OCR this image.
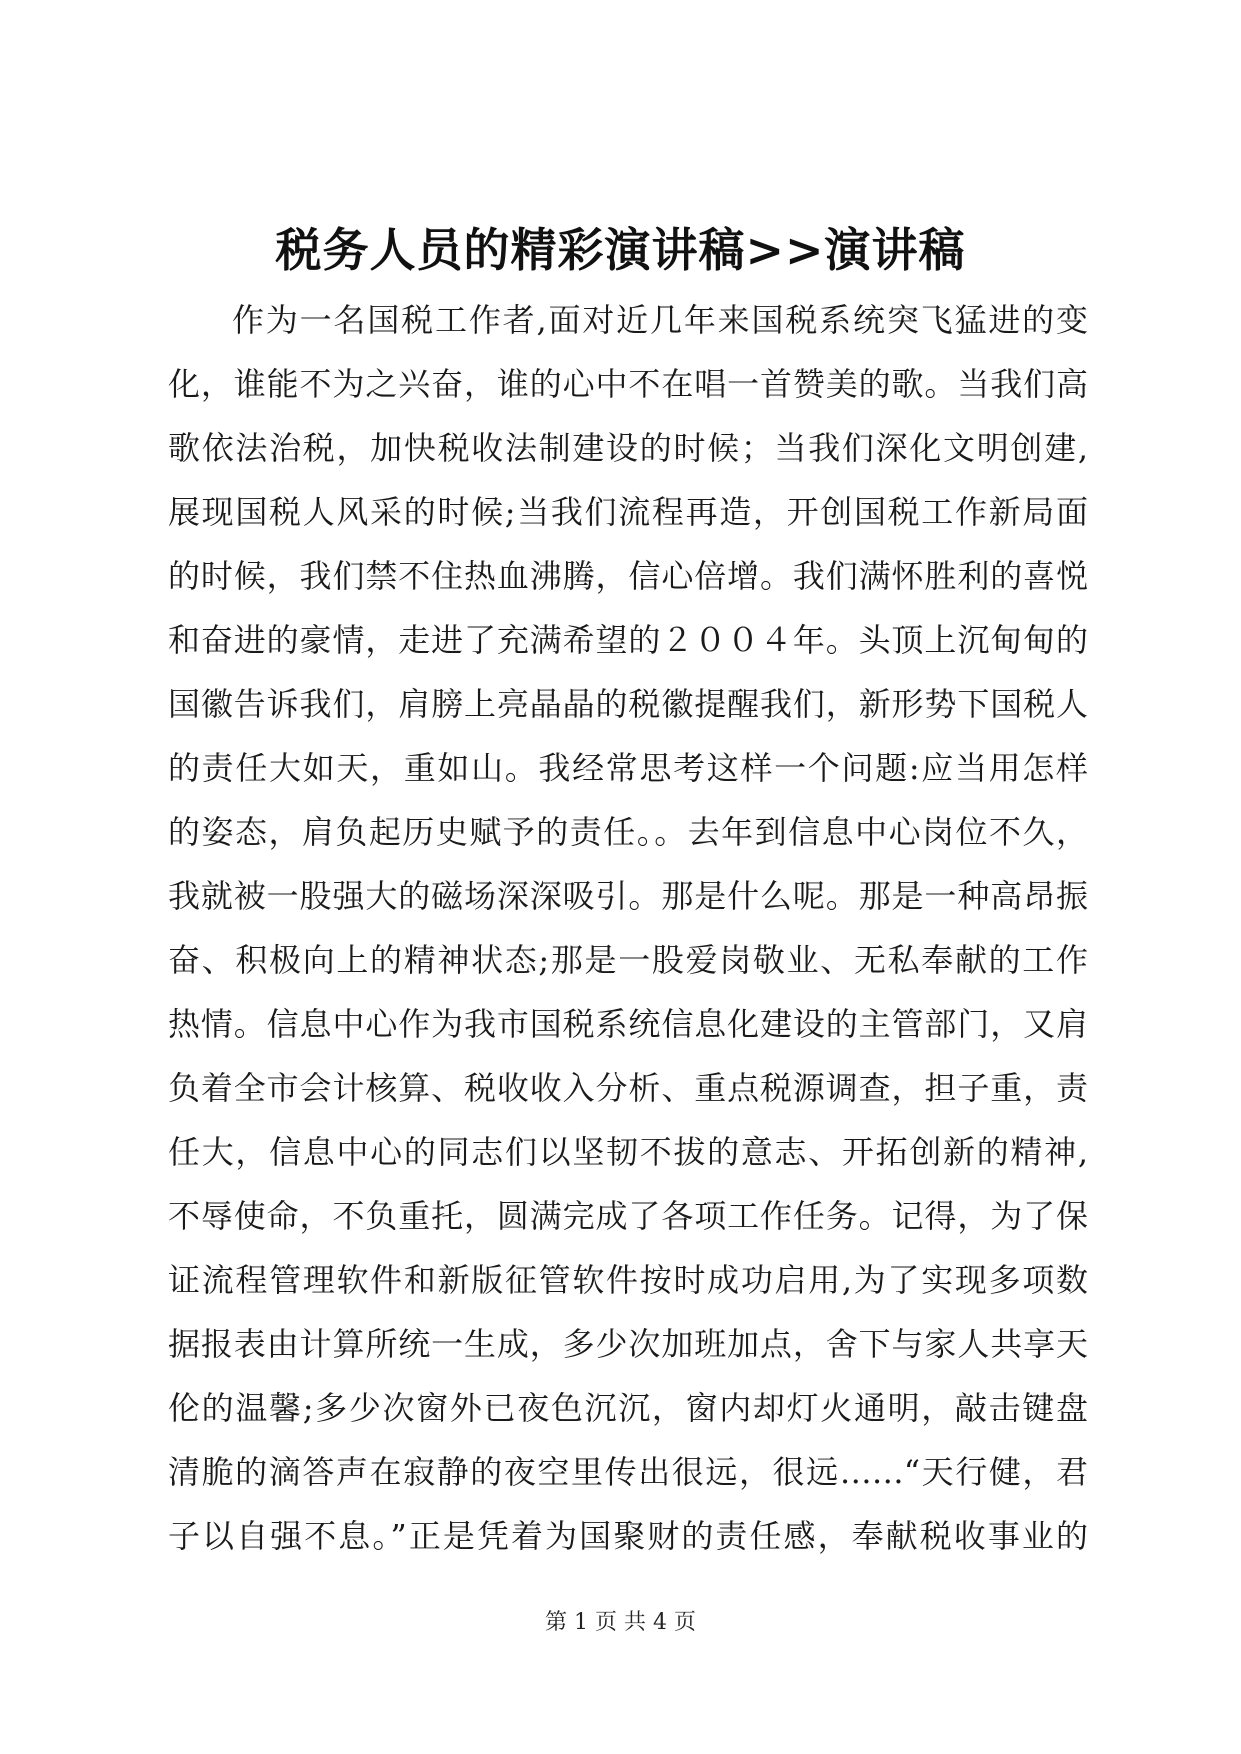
税务人员的精彩演讲稿>>演讲稿
作为一名国税工作者,面对近几年来国税系统突飞猛进的变
化，谁能不为之兴奋，谁的心中不在唱一首赞美的歌。当我们高
歌依法治税，加快税收法制建设的时候；当我们深化文明创建,
展现国税人风采的时候;当我们流程再造，开创国税工作新局面
的时候，我们禁不住热血沸腾，信心倍增。我们满怀胜利的喜悦
和奋进的豪情，走进了充满希望的２００４年。头顶上沉甸甸的
国徽告诉我们，肩膀上亮晶晶的税徽提醒我们，新形势下国税人
的责任大如天，重如山。我经常思考这样一个问题:应当用怎样
的姿态，肩负起历史赋予的责任。。去年到信息中心岗位不久，
我就被一股强大的磁场深深吸引。那是什么呢。那是一种高昂振
奋、积极向上的精神状态;那是一股爱岗敬业、无私奉献的工作
热情。信息中心作为我市国税系统信息化建设的主管部门，又肩
负着全市会计核算、税收收入分析、重点税源调查，担子重，责
任大，信息中心的同志们以坚韧不拔的意志、开拓创新的精神,
不辱使命，不负重托，圆满完成了各项工作任务。记得，为了保
证流程管理软件和新版征管软件按时成功启用,为了实现多项数
据报表由计算所统一生成，多少次加班加点，舍下与家人共享天
伦的温馨;多少次窗外已夜色沉沉，窗内却灯火通明，敲击键盘
清脆的滴答声在寂静的夜空里传出很远，很远……“天行健，君
子以自强不息。”正是凭着为国聚财的责任感，奉献税收事业的
第 1 页 共 4 页
